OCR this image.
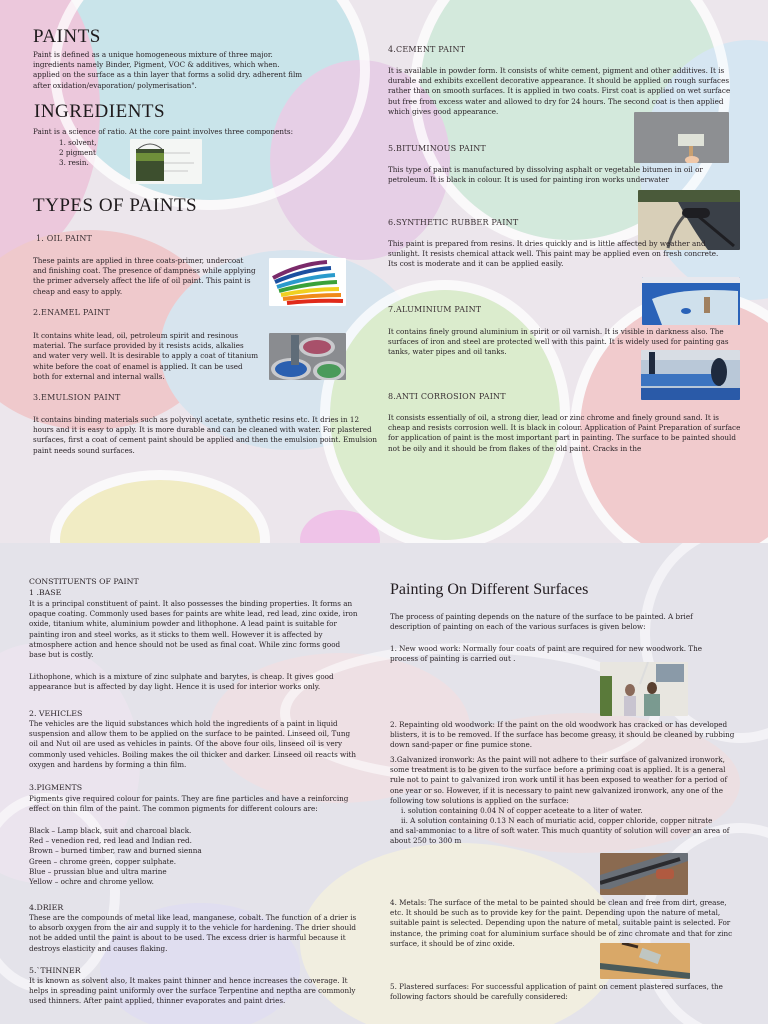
PAINTS
Paint is defined as a unique homogeneous mixture of three major. ingredients namely Binder, Pigment, VOC & additives, which when. applied on the surface as a thin layer that forms a solid dry. adherent film after oxidation/evaporation/ polymerisation".
INGREDIENTS
Paint is a science of ratio. At the core paint involves three components:
1. solvent,
2 pigment
3. resin.
TYPES OF PAINTS
1. OIL PAINT
These paints are applied in three coats-primer, undercoat and finishing coat. The presence of dampness while applying the primer adversely affect the life of oil paint. This paint is cheap and easy to apply.
2.ENAMEL PAINT
It contains white lead, oil, petroleum spirit and resinous material. The surface provided by it resists acids, alkalies and water very well. It is desirable to apply a coat of titanium white before the coat of enamel is applied. It can be used both for external and internal walls.
3.EMULSION PAINT
It contains binding materials such as polyvinyl acetate, synthetic resins etc. It dries in 12 hours and it is easy to apply. It is more durable and can be cleaned with water. For plastered surfaces, first a coat of cement paint should be applied and then the emulsion point. Emulsion paint needs sound surfaces.
4.CEMENT PAINT
It is available in powder form. It consists of white cement, pigment and other additives. It is durable and exhibits excellent decorative appearance. It should be applied on rough surfaces rather than on smooth surfaces. It is applied in two coats. First coat is applied on wet surface but free from excess water and allowed to dry for 24 hours. The second coat is then applied which gives good appearance.
5.BITUMINOUS PAINT
This type of paint is manufactured by dissolving asphalt or vegetable bitumen in oil or petroleum. It is black in colour. It is used for painting iron works underwater
6.SYNTHETIC RUBBER PAINT
This paint is prepared from resins. It dries quickly and is little affected by weather and sunlight. It resists chemical attack well. This paint may be applied even on fresh concrete. Its cost is moderate and it can be applied easily.
7.ALUMINIUM PAINT
It contains finely ground aluminium in spirit or oil varnish. It is visible in darkness also. The surfaces of iron and steel are protected well with this paint. It is widely used for painting gas tanks, water pipes and oil tanks.
8.ANTI CORROSION PAINT
It consists essentially of oil, a strong dier, lead or zinc chrome and finely ground sand. It is cheap and resists corrosion well. It is black in colour. Application of Paint Preparation of surface for application of paint is the most important part in painting. The surface to be painted should not be oily and it should be from flakes of the old paint. Cracks in the
CONSTITUENTS OF PAINT
1 .BASE
It is a principal constituent of paint. It also possesses the binding properties. It forms an opaque coating. Commonly used bases for paints are white lead, red lead, zinc oxide, iron oxide, titanium white, aluminium powder and lithophone. A lead paint is suitable for painting iron and steel works, as it sticks to them well. However it is affected by atmosphere action and hence should not be used as final coat. While zinc forms good base but is costly.
Lithophone, which is a mixture of zinc sulphate and barytes, is cheap. It gives good appearance but is affected by day light. Hence it is used for interior works only.
2. VEHICLES
The vehicles are the liquid substances which hold the ingredients of a paint in liquid suspension and allow them to be applied on the surface to be painted. Linseed oil, Tung oil and Nut oil are used as vehicles in paints. Of the above four oils, linseed oil is very commonly used vehicles. Boiling makes the oil thicker and darker. Linseed oil reacts with oxygen and hardens by forming a thin film.
3.PIGMENTS
Pigments give required colour for paints. They are fine particles and have a reinforcing effect on thin film of the paint. The common pigments for different colours are:
Black – Lamp black, suit and charcoal black.
Red – venedion red, red lead and Indian red.
Brown – burned timber, raw and burned sienna
Green – chrome green, copper sulphate.
Blue – prussian blue and ultra marine
Yellow – ochre and chrome yellow.
4.DRIER
These are the compounds of metal like lead, manganese, cobalt. The function of a drier is to absorb oxygen from the air and supply it to the vehicle for hardening. The drier should not be added until the paint is about to be used. The excess drier is harmful because it destroys elasticity and causes flaking.
5.`THINNER
It is known as solvent also, It makes paint thinner and hence increases the coverage. It helps in spreading paint uniformly over the surface Terpentine and neptha are commonly used thinners. After paint applied, thinner evaporates and paint dries.
Painting On Different Surfaces
The process of painting depends on the nature of the surface to be painted. A brief description of painting on each of the various surfaces is given below:
1. New wood work: Normally four coats of paint are required for new woodwork. The process of painting is carried out .
2. Repainting old woodwork: If the paint on the old woodwork has cracked or has developed blisters, it is to be removed. If the surface has become greasy, it should be cleaned by rubbing down sand-paper or fine pumice stone.
3.Galvanized ironwork: As the paint will not adhere to their surface of galvanized ironwork, some treatment is to be given to the surface before a priming coat is applied. It is a general rule not to paint to galvanized iron work until it has been exposed to weather for a period of one year or so. However, if it is necessary to paint new galvanized ironwork, any one of the following tow solutions is applied on the surface:
i. solution containing 0.04 N of copper aceteate to a liter of water.
ii. A solution containing 0.13 N each of muriatic acid, copper chloride, copper nitrate
and sal-ammoniac to a litre of soft water. This much quantity of solution will cover an area of about 250 to 300 m
4. Metals: The surface of the metal to be painted should be clean and free from dirt, grease, etc. It should be such as to provide key for the paint. Depending upon the nature of metal, suitable paint is selected. Depending upon the nature of metal, suitable paint is selected. For instance, the priming coat for aluminium surface should be of zinc chromate and that for zinc surface, it should be of zinc oxide.
5. Plastered surfaces: For successful application of paint on cement plastered surfaces, the following factors should be carefully considered:
